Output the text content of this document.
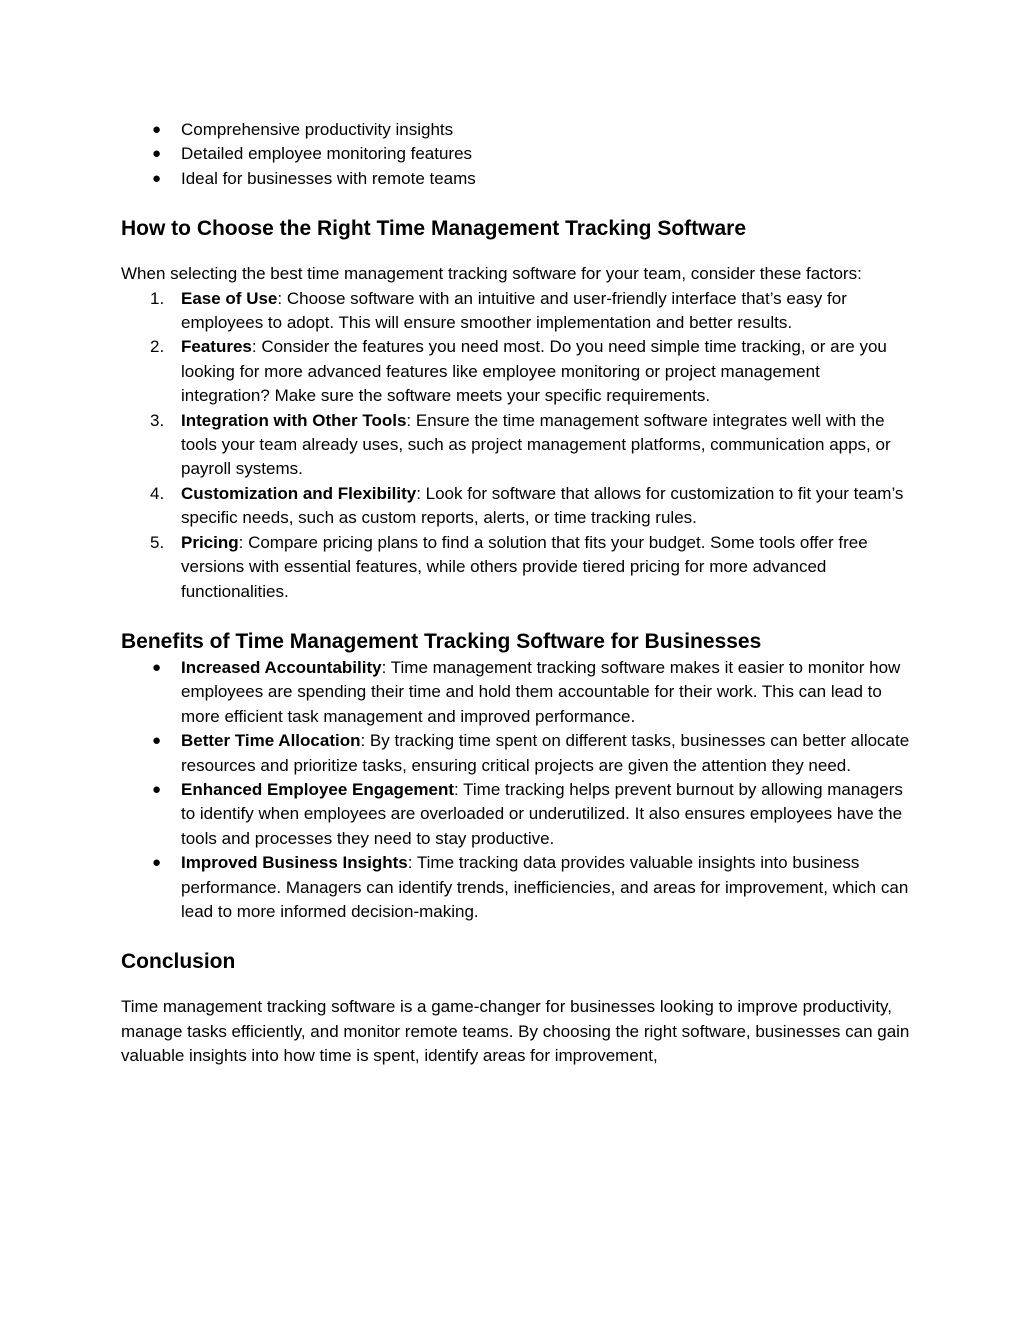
●	Comprehensive productivity insights
●	Detailed employee monitoring features
●	Ideal for businesses with remote teams
How to Choose the Right Time Management Tracking Software

When selecting the best time management tracking software for your team, consider these factors:

1. Ease of Use: Choose software with an intuitive and user-friendly interface that’s easy for employees to adopt. This will ensure smoother implementation and better results.
2. Features: Consider the features you need most. Do you need simple time tracking, or are you looking for more advanced features like employee monitoring or project management integration? Make sure the software meets your specific requirements.
3. Integration with Other Tools: Ensure the time management software integrates well with the tools your team already uses, such as project management platforms, communication apps, or payroll systems.
4. Customization and Flexibility: Look for software that allows for customization to fit your team’s specific needs, such as custom reports, alerts, or time tracking rules.
5. Pricing: Compare pricing plans to find a solution that fits your budget. Some tools offer free versions with essential features, while others provide tiered pricing for more advanced functionalities.
Benefits of Time Management Tracking Software for Businesses
●	Increased Accountability: Time management tracking software makes it easier to monitor how employees are spending their time and hold them accountable for their work. This can lead to more efficient task management and improved performance.
●	Better Time Allocation: By tracking time spent on different tasks, businesses can better allocate resources and prioritize tasks, ensuring critical projects are given the attention they need.
●	Enhanced Employee Engagement: Time tracking helps prevent burnout by allowing managers to identify when employees are overloaded or underutilized. It also ensures employees have the tools and processes they need to stay productive.
●	Improved Business Insights: Time tracking data provides valuable insights into business performance. Managers can identify trends, inefficiencies, and areas for improvement, which can lead to more informed decision-making.
Conclusion

Time management tracking software is a game-changer for businesses looking to improve productivity, manage tasks efficiently, and monitor remote teams. By choosing the right software, businesses can gain valuable insights into how time is spent, identify areas for improvement,
